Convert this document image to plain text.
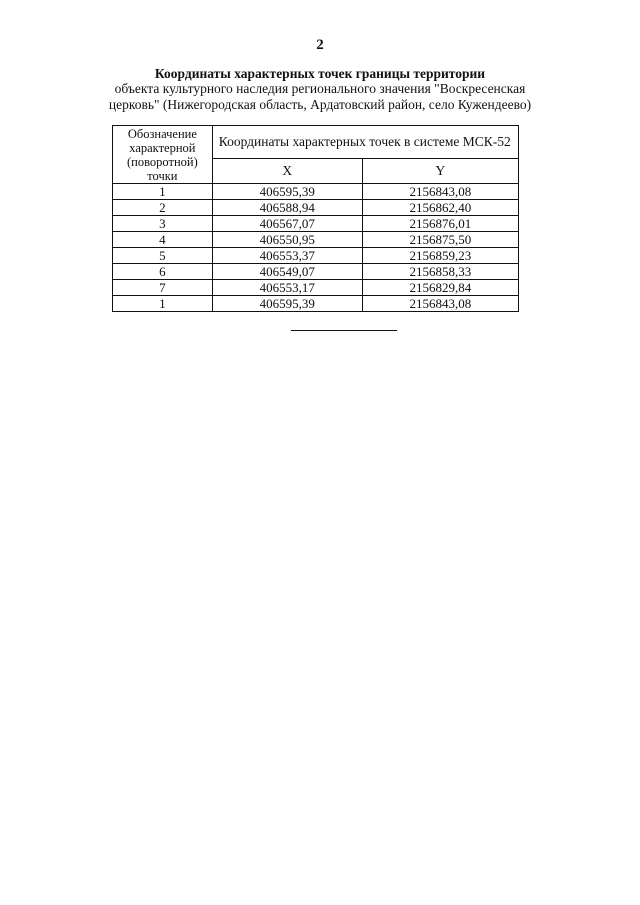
2
Координаты характерных точек границы территории
объекта культурного наследия регионального значения "Воскресенская церковь" (Нижегородская область, Ардатовский район, село Кужендеево)
Обозначение характерной (поворотной) точки	Координаты характерных точек в системе МСК-52	
	X	Y
1	406595,39	2156843,08
2	406588,94	2156862,40
3	406567,07	2156876,01
4	406550,95	2156875,50
5	406553,37	2156859,23
6	406549,07	2156858,33
7	406553,17	2156829,84
1	406595,39	2156843,08
